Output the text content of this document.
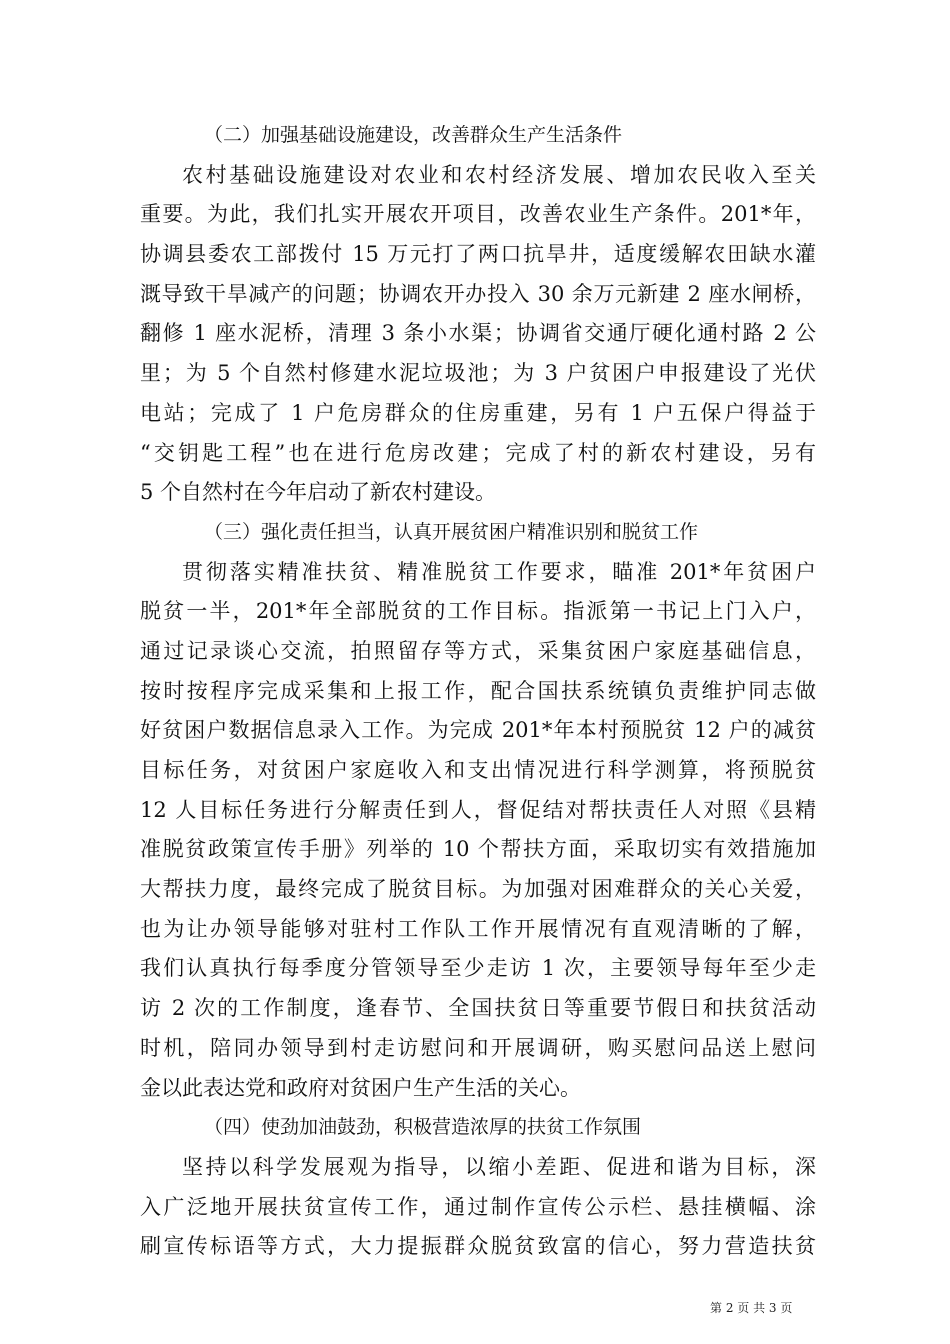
（二）加强基础设施建设，改善群众生产生活条件

农村基础设施建设对农业和农村经济发展、增加农民收入至关
重要。为此，我们扎实开展农开项目，改善农业生产条件。201*年，
协调县委农工部拨付 15 万元打了两口抗旱井，适度缓解农田缺水灌
溉导致干旱减产的问题；协调农开办投入 30 余万元新建 2 座水闸桥，
翻修 1 座水泥桥，清理 3 条小水渠；协调省交通厅硬化通村路 2 公
里；为 5 个自然村修建水泥垃圾池；为 3 户贫困户申报建设了光伏
电站；完成了 1 户危房群众的住房重建，另有 1 户五保户得益于
“交钥匙工程”也在进行危房改建；完成了村的新农村建设，另有
5 个自然村在今年启动了新农村建设。

（三）强化责任担当，认真开展贫困户精准识别和脱贫工作

贯彻落实精准扶贫、精准脱贫工作要求，瞄准 201*年贫困户
脱贫一半，201*年全部脱贫的工作目标。指派第一书记上门入户，
通过记录谈心交流，拍照留存等方式，采集贫困户家庭基础信息，
按时按程序完成采集和上报工作，配合国扶系统镇负责维护同志做
好贫困户数据信息录入工作。为完成 201*年本村预脱贫 12 户的减贫
目标任务，对贫困户家庭收入和支出情况进行科学测算，将预脱贫
12 人目标任务进行分解责任到人，督促结对帮扶责任人对照《县精
准脱贫政策宣传手册》列举的 10 个帮扶方面，采取切实有效措施加
大帮扶力度，最终完成了脱贫目标。为加强对困难群众的关心关爱，
也为让办领导能够对驻村工作队工作开展情况有直观清晰的了解，
我们认真执行每季度分管领导至少走访 1 次，主要领导每年至少走
访 2 次的工作制度，逢春节、全国扶贫日等重要节假日和扶贫活动
时机，陪同办领导到村走访慰问和开展调研，购买慰问品送上慰问
金以此表达党和政府对贫困户生产生活的关心。

（四）使劲加油鼓劲，积极营造浓厚的扶贫工作氛围

坚持以科学发展观为指导，以缩小差距、促进和谐为目标，深
入广泛地开展扶贫宣传工作，通过制作宣传公示栏、悬挂横幅、涂
刷宣传标语等方式，大力提振群众脱贫致富的信心，努力营造扶贫
第 2 页 共 3 页
